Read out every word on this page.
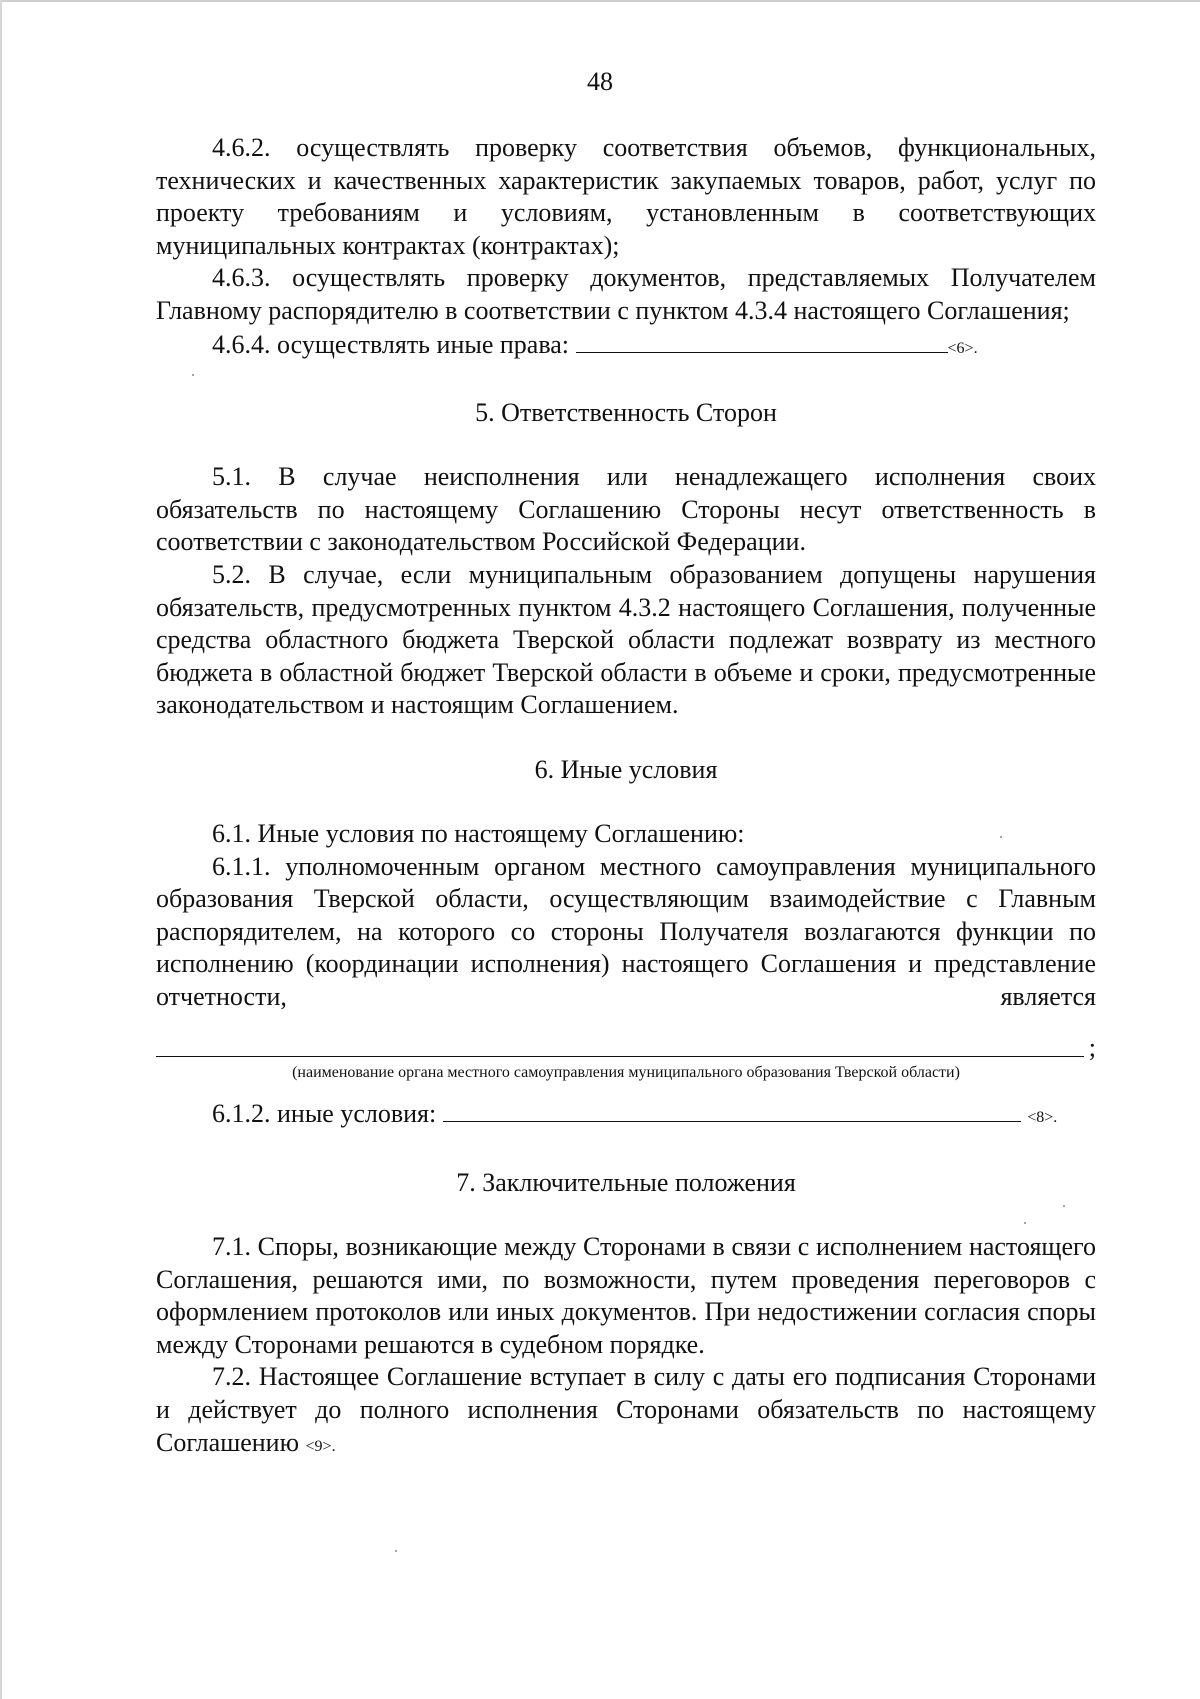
48

4.6.2. осуществлять проверку соответствия объемов, функциональных, технических и качественных характеристик закупаемых товаров, работ, услуг по проекту требованиям и условиям, установленным в соответствующих муниципальных контрактах (контрактах);

4.6.3. осуществлять проверку документов, представляемых Получателем Главному распорядителю в соответствии с пунктом 4.3.4 настоящего Соглашения;

4.6.4. осуществлять иные права:	<6>.

5. Ответственность Сторон

5.1. В случае неисполнения или ненадлежащего исполнения своих обязательств по настоящему Соглашению Стороны несут ответственность в соответствии с законодательством Российской Федерации.

5.2. В случае, если муниципальным образованием допущены нарушения обязательств, предусмотренных пунктом 4.3.2 настоящего Соглашения, полученные средства областного бюджета Тверской области подлежат возврату из местного бюджета в областной бюджет Тверской области в объеме и сроки, предусмотренные законодательством и настоящим Соглашением.

6. Иные условия

6.1. Иные условия по настоящему Соглашению:

6.1.1. уполномоченным органом местного самоуправления муниципального образования Тверской области, осуществляющим взаимодействие с Главным распорядителем, на которого со стороны Получателя возлагаются функции по исполнению (координации исполнения) настоящего Соглашения и представление отчетности, является

;

(наименование органа местного самоуправления муниципального образования Тверской области)

6.1.2. иные условия:	<8>.

7. Заключительные положения

7.1. Споры, возникающие между Сторонами в связи с исполнением настоящего Соглашения, решаются ими, по возможности, путем проведения переговоров с оформлением протоколов или иных документов. При недостижении согласия споры между Сторонами решаются в судебном порядке.

7.2. Настоящее Соглашение вступает в силу с даты его подписания Сторонами и действует до полного исполнения Сторонами обязательств по настоящему Соглашению <9>.
